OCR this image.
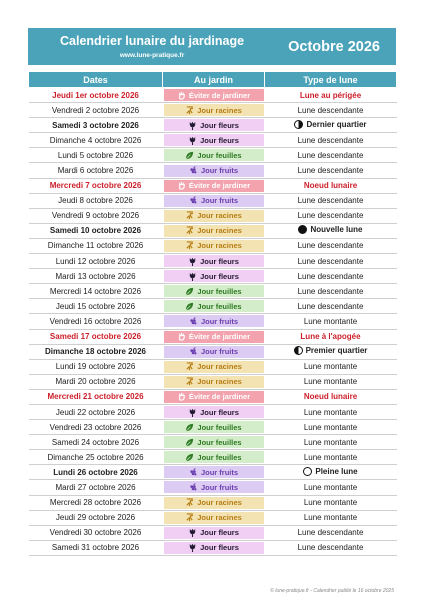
Calendrier lunaire du jardinage
www.lune-pratique.fr
Octobre 2026
Dates	Au jardin	Type de lune
Jeudi 1er octobre 2026	Éviter de jardiner	Lune au périgée

Vendredi 2 octobre 2026	Jour racines	Lune descendante

Samedi 3 octobre 2026	Jour fleurs	Dernier quartier

Dimanche 4 octobre 2026	Jour fleurs	Lune descendante

Lundi 5 octobre 2026	Jour feuilles	Lune descendante

Mardi 6 octobre 2026	Jour fruits	Lune descendante

Mercredi 7 octobre 2026	Éviter de jardiner	Noeud lunaire

Jeudi 8 octobre 2026	Jour fruits	Lune descendante

Vendredi 9 octobre 2026	Jour racines	Lune descendante

Samedi 10 octobre 2026	Jour racines	Nouvelle lune

Dimanche 11 octobre 2026	Jour racines	Lune descendante

Lundi 12 octobre 2026	Jour fleurs	Lune descendante

Mardi 13 octobre 2026	Jour fleurs	Lune descendante

Mercredi 14 octobre 2026	Jour feuilles	Lune descendante

Jeudi 15 octobre 2026	Jour feuilles	Lune descendante

Vendredi 16 octobre 2026	Jour fruits	Lune montante

Samedi 17 octobre 2026	Éviter de jardiner	Lune à l'apogée

Dimanche 18 octobre 2026	Jour fruits	Premier quartier

Lundi 19 octobre 2026	Jour racines	Lune montante

Mardi 20 octobre 2026	Jour racines	Lune montante

Mercredi 21 octobre 2026	Éviter de jardiner	Noeud lunaire

Jeudi 22 octobre 2026	Jour fleurs	Lune montante

Vendredi 23 octobre 2026	Jour feuilles	Lune montante

Samedi 24 octobre 2026	Jour feuilles	Lune montante

Dimanche 25 octobre 2026	Jour feuilles	Lune montante

Lundi 26 octobre 2026	Jour fruits	Pleine lune

Mardi 27 octobre 2026	Jour fruits	Lune montante

Mercredi 28 octobre 2026	Jour racines	Lune montante

Jeudi 29 octobre 2026	Jour racines	Lune montante

Vendredi 30 octobre 2026	Jour fleurs	Lune descendante

Samedi 31 octobre 2026	Jour fleurs	Lune descendante
© lune-pratique.fr - Calendrier publié le 16 octobre 2025
